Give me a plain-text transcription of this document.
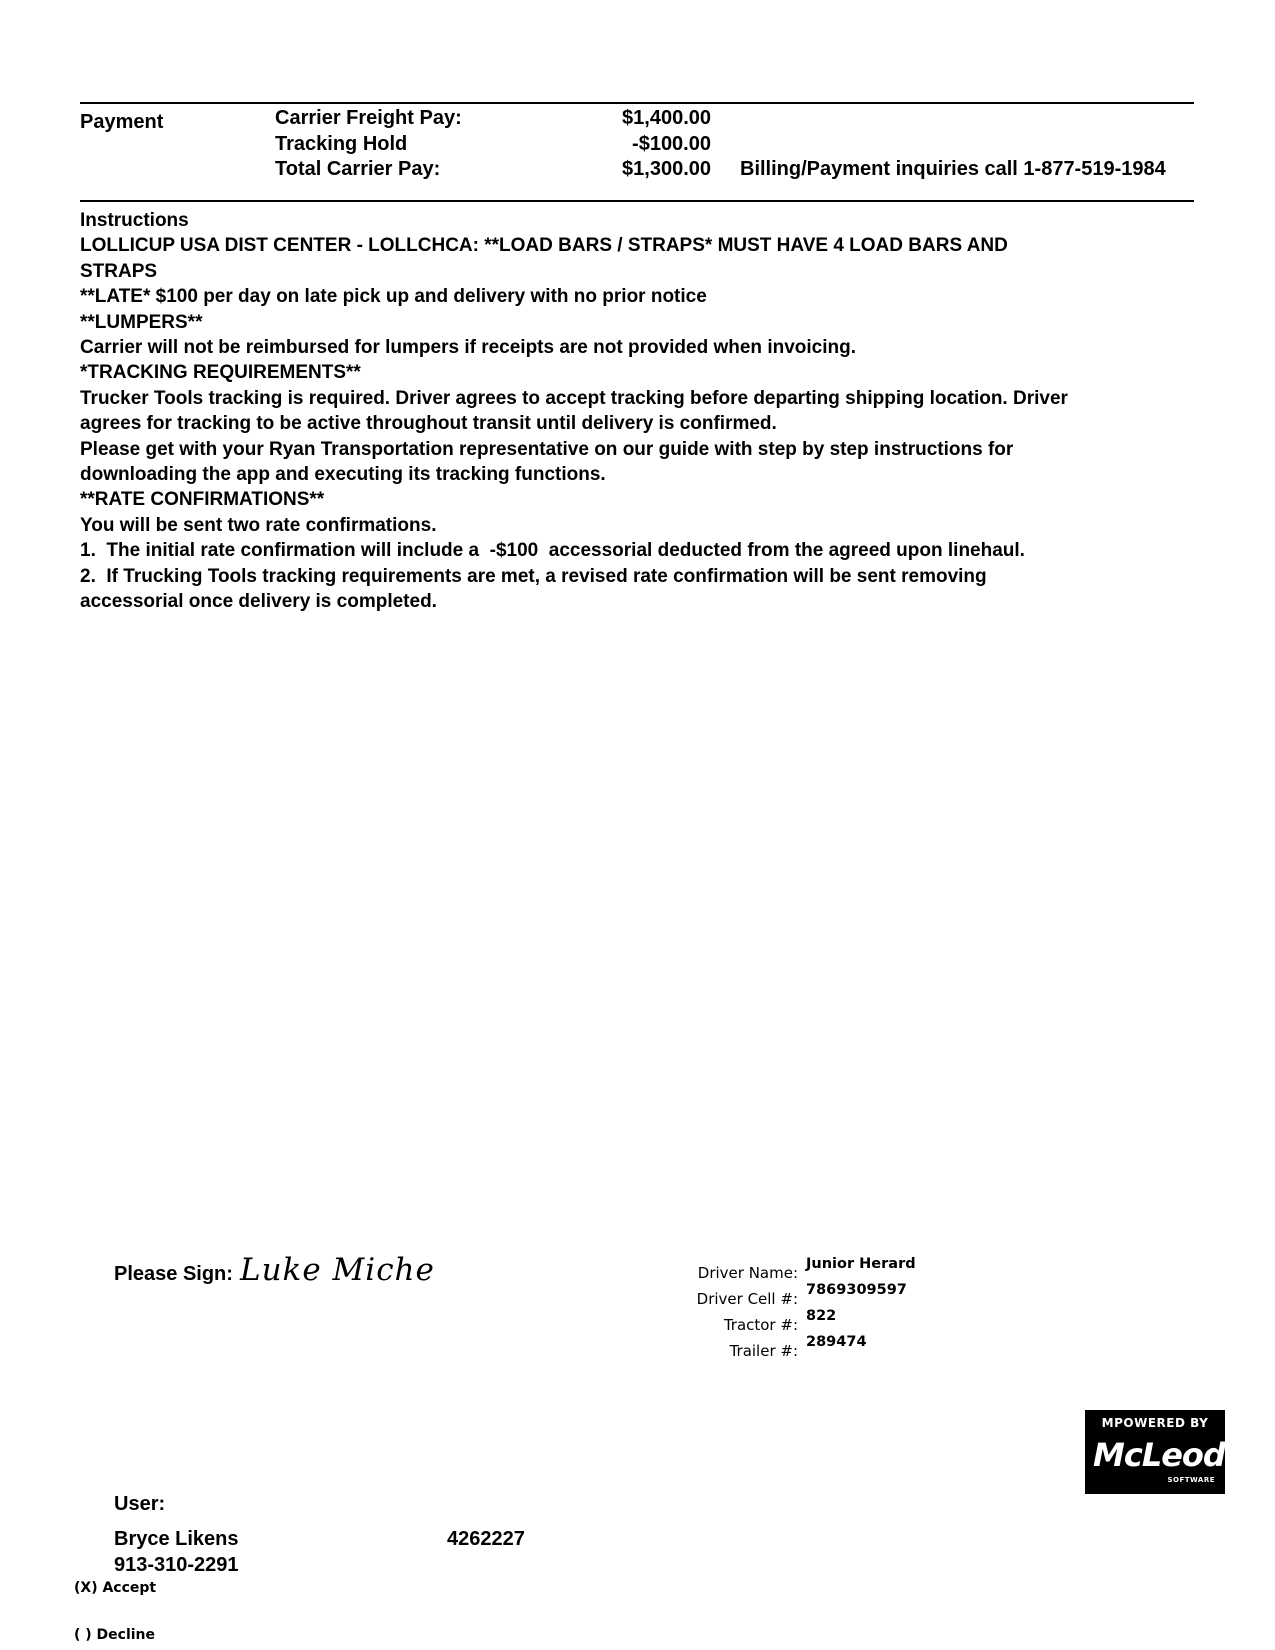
Payment	Carrier Freight Pay:	$1,400.00
Tracking Hold	-$100.00
Total Carrier Pay:	$1,300.00 Billing/Payment inquiries call 1-877-519-1984
Instructions
LOLLICUP USA DIST CENTER - LOLLCHCA: **LOAD BARS / STRAPS* MUST HAVE 4 LOAD BARS AND
STRAPS
**LATE* $100 per day on late pick up and delivery with no prior notice
**LUMPERS**
Carrier will not be reimbursed for lumpers if receipts are not provided when invoicing.
*TRACKING REQUIREMENTS**
Trucker Tools tracking is required. Driver agrees to accept tracking before departing shipping location. Driver
agrees for tracking to be active throughout transit until delivery is confirmed.
Please get with your Ryan Transportation representative on our guide with step by step instructions for
downloading the app and executing its tracking functions.
**RATE CONFIRMATIONS**
You will be sent two rate confirmations.
1.  The initial rate confirmation will include a  -$100  accessorial deducted from the agreed upon linehaul.
2.  If Trucking Tools tracking requirements are met, a revised rate confirmation will be sent removing
accessorial once delivery is completed.
Please Sign: Luke Miche	Driver Name: Junior Herard
Driver Cell #: 7869309597
Tractor #: 822
Trailer #: 289474
MPOWERED BY
McLeod
SOFTWARE
User:
Bryce Likens
913-310-2291
4262227
(X) Accept
( ) Decline
